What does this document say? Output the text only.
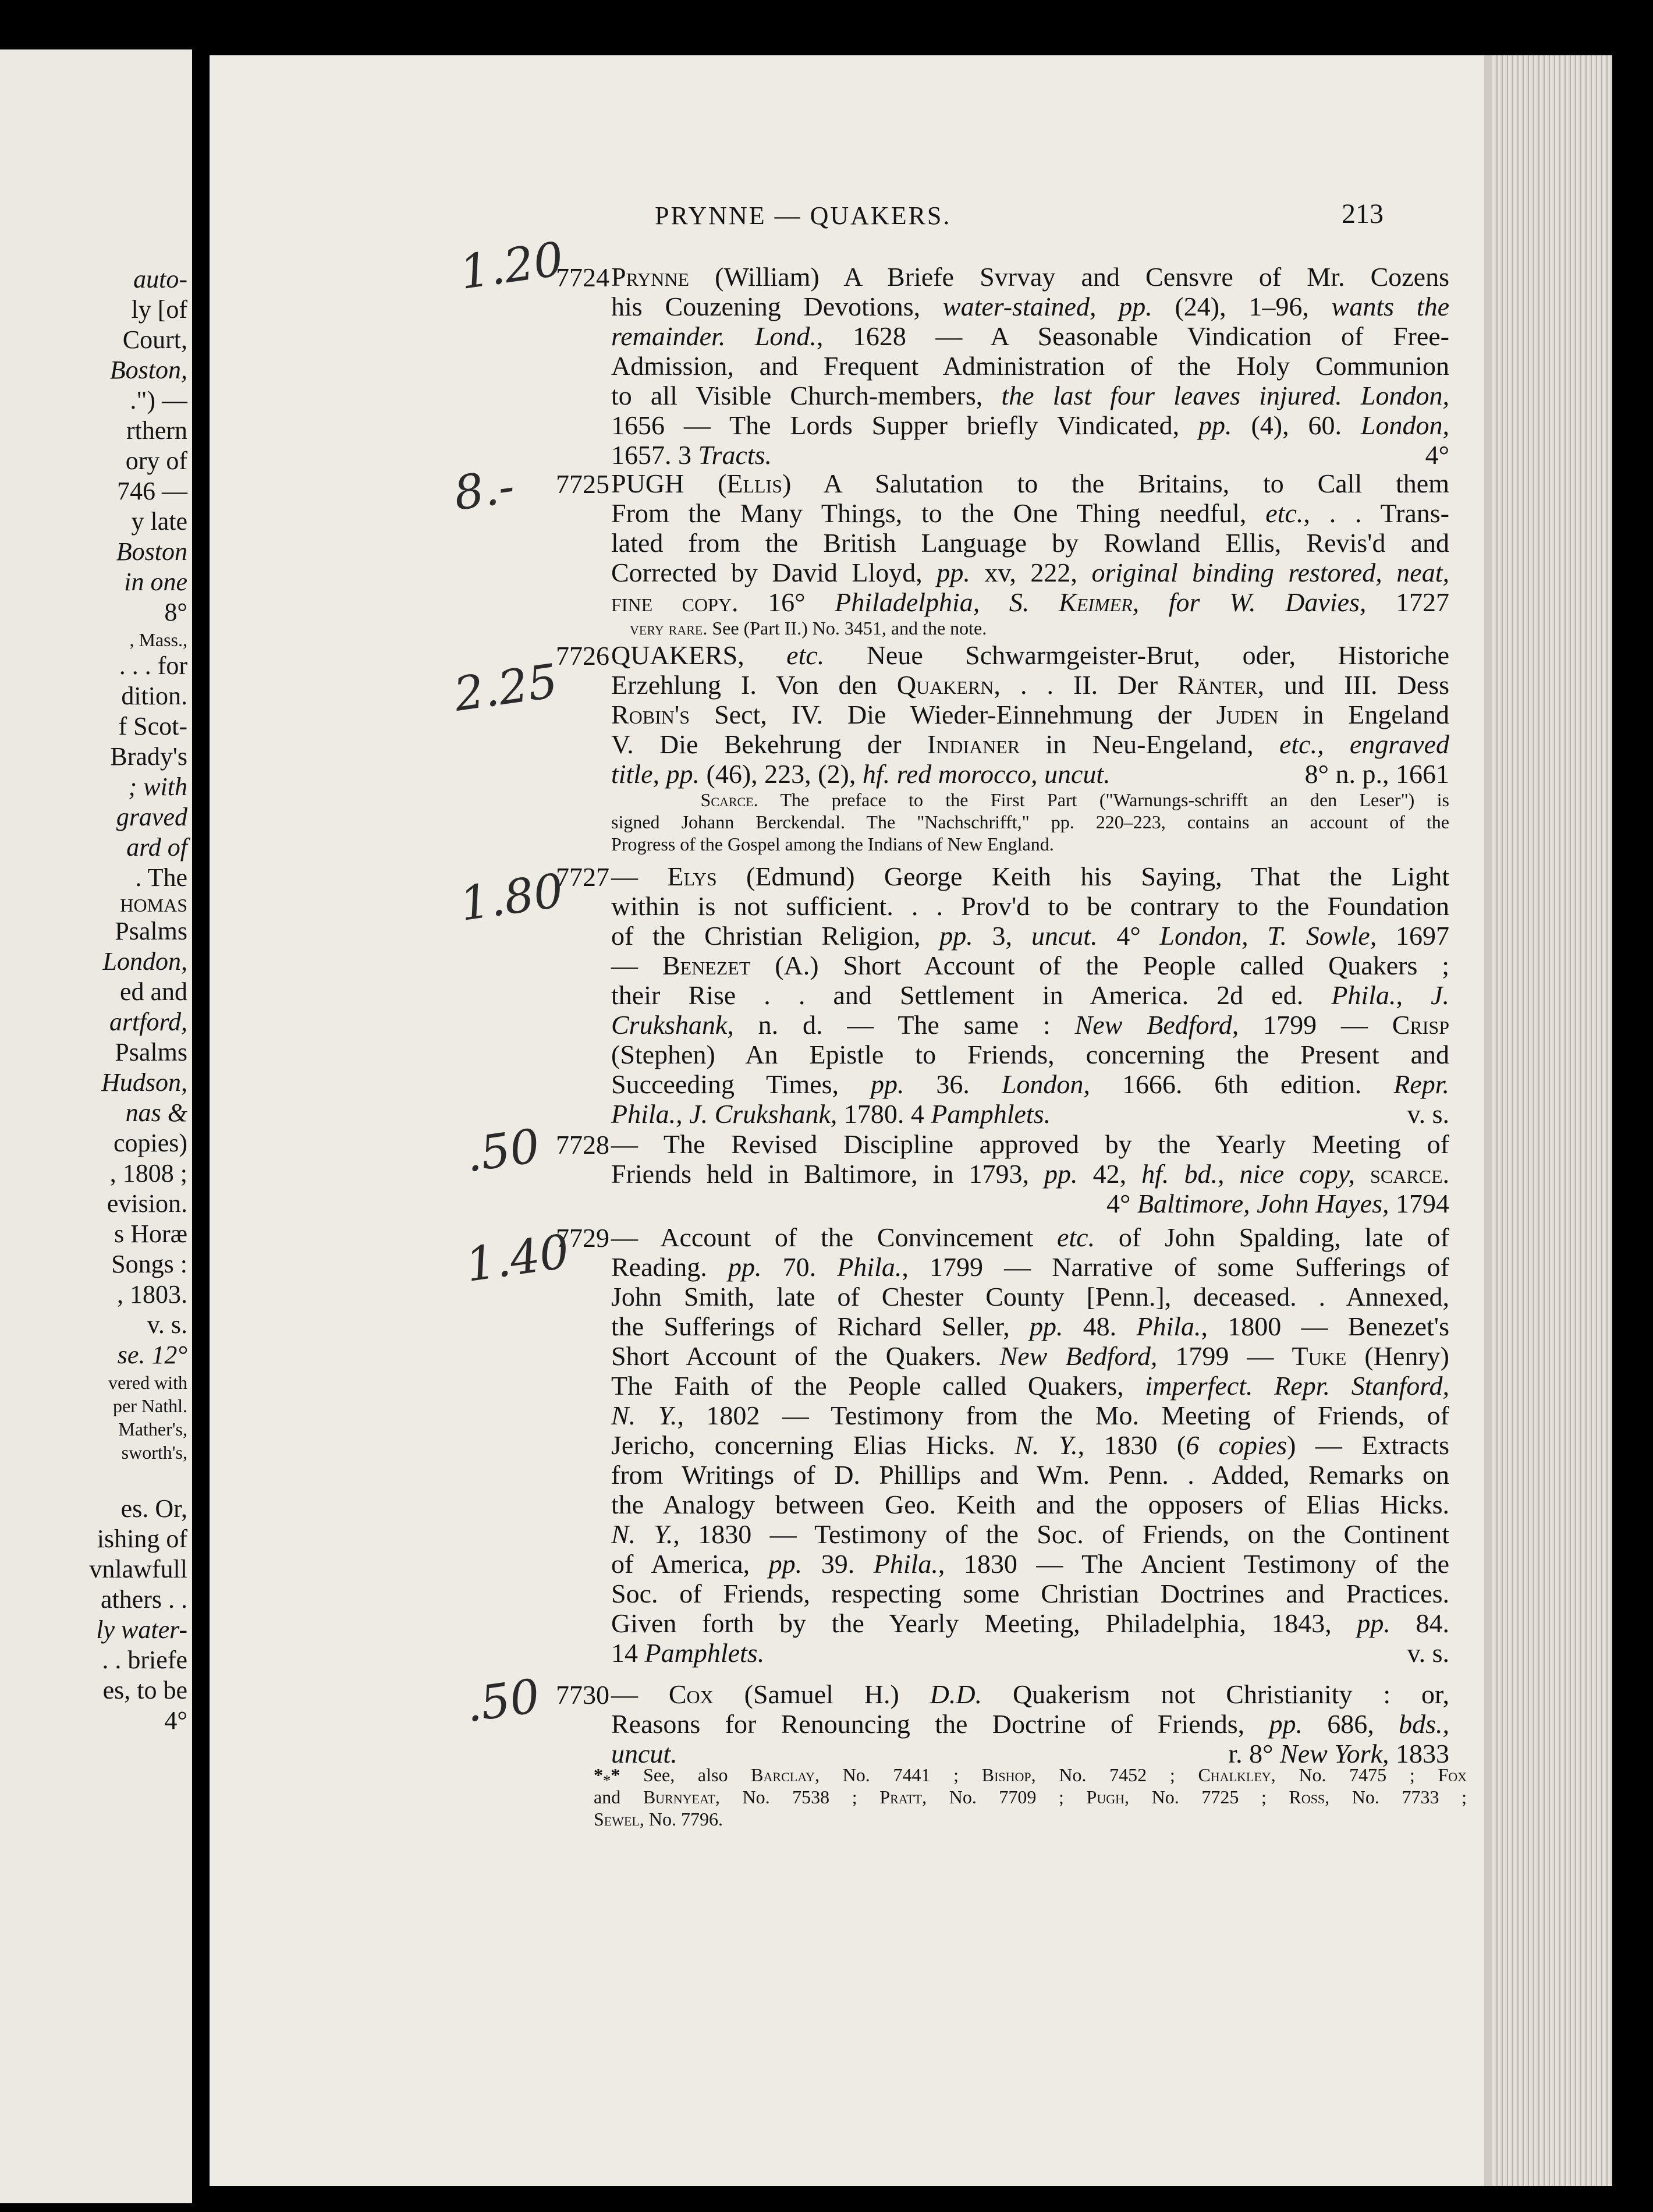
auto-
ly [of
Court,
Boston,
.") —
rthern
ory of
746 —
y late
Boston
in one
8°
, Mass.,
. . . for
dition.
f Scot-
Brady's
; with
graved
ard of
. The
HOMAS
Psalms
London,
ed and
artford,
Psalms
Hudson,
nas &
copies)
, 1808 ;
evision.
s Horæ
Songs :
, 1803.
v. s.
se. 12°
vered with
per Nathl.
Mather's,
sworth's,
es. Or,
ishing of
vnlawfull
athers . .
ly water-
. . briefe
es, to be
4°
PRYNNE — QUAKERS.	213
7724 Prynne (William) A Briefe Svrvay and Censvre of Mr. Cozens
his Couzening Devotions, water-stained, pp. (24), 1–96, wants the
remainder. Lond., 1628 — A Seasonable Vindication of Free-
Admission, and Frequent Administration of the Holy Communion
to all Visible Church-members, the last four leaves injured. London,
1656 — The Lords Supper briefly Vindicated, pp. (4), 60. London,
1657. 3 Tracts.	4°
1.20
7725 PUGH (Ellis) A Salutation to the Britains, to Call them
From the Many Things, to the One Thing needful, etc., . . Trans-
lated from the British Language by Rowland Ellis, Revis'd and
Corrected by David Lloyd, pp. xv, 222, original binding restored, neat,
fine copy. 16° Philadelphia, S. Keimer, for W. Davies, 1727
very rare. See (Part II.) No. 3451, and the note.
8.-
7726 QUAKERS, etc. Neue Schwarmgeister-Brut, oder, Historiche
Erzehlung I. Von den Quakern, . . II. Der Ränter, und III. Dess
Robin's Sect, IV. Die Wieder-Einnehmung der Juden in Engeland
V. Die Bekehrung der Indianer in Neu-Engeland, etc., engraved
title, pp. (46), 223, (2), hf. red morocco, uncut.	8° n. p., 1661
Scarce. The preface to the First Part ("Warnungs-schrifft an den Leser") is
signed Johann Berckendal. The "Nachschrifft," pp. 220–223, contains an account of the
Progress of the Gospel among the Indians of New England.
2.25
7727 — Elys (Edmund) George Keith his Saying, That the Light
within is not sufficient. . . Prov'd to be contrary to the Foundation
of the Christian Religion, pp. 3, uncut. 4° London, T. Sowle, 1697
— Benezet (A.) Short Account of the People called Quakers ;
their Rise . . and Settlement in America. 2d ed. Phila., J.
Crukshank, n. d. — The same : New Bedford, 1799 — Crisp
(Stephen) An Epistle to Friends, concerning the Present and
Succeeding Times, pp. 36. London, 1666. 6th edition. Repr.
Phila., J. Crukshank, 1780. 4 Pamphlets.	v. s.
1.80
7728 — The Revised Discipline approved by the Yearly Meeting of
Friends held in Baltimore, in 1793, pp. 42, hf. bd., nice copy, scarce.
4° Baltimore, John Hayes, 1794
.50
7729 — Account of the Convincement etc. of John Spalding, late of
Reading. pp. 70. Phila., 1799 — Narrative of some Sufferings of
John Smith, late of Chester County [Penn.], deceased. . Annexed,
the Sufferings of Richard Seller, pp. 48. Phila., 1800 — Benezet's
Short Account of the Quakers. New Bedford, 1799 — Tuke (Henry)
The Faith of the People called Quakers, imperfect. Repr. Stanford,
N. Y., 1802 — Testimony from the Mo. Meeting of Friends, of
Jericho, concerning Elias Hicks. N. Y., 1830 (6 copies) — Extracts
from Writings of D. Phillips and Wm. Penn. . Added, Remarks on
the Analogy between Geo. Keith and the opposers of Elias Hicks.
N. Y., 1830 — Testimony of the Soc. of Friends, on the Continent
of America, pp. 39. Phila., 1830 — The Ancient Testimony of the
Soc. of Friends, respecting some Christian Doctrines and Practices.
Given forth by the Yearly Meeting, Philadelphia, 1843, pp. 84.
14 Pamphlets.	v. s.
1.40
7730 — Cox (Samuel H.) D.D. Quakerism not Christianity : or,
Reasons for Renouncing the Doctrine of Friends, pp. 686, bds.,
uncut.	r. 8° New York, 1833
.50
$*_**$ See, also Barclay, No. 7441 ; Bishop, No. 7452 ; Chalkley, No. 7475 ; Fox
and Burnyeat, No. 7538 ; Pratt, No. 7709 ; Pugh, No. 7725 ; Ross, No. 7733 ;
Sewel, No. 7796.
